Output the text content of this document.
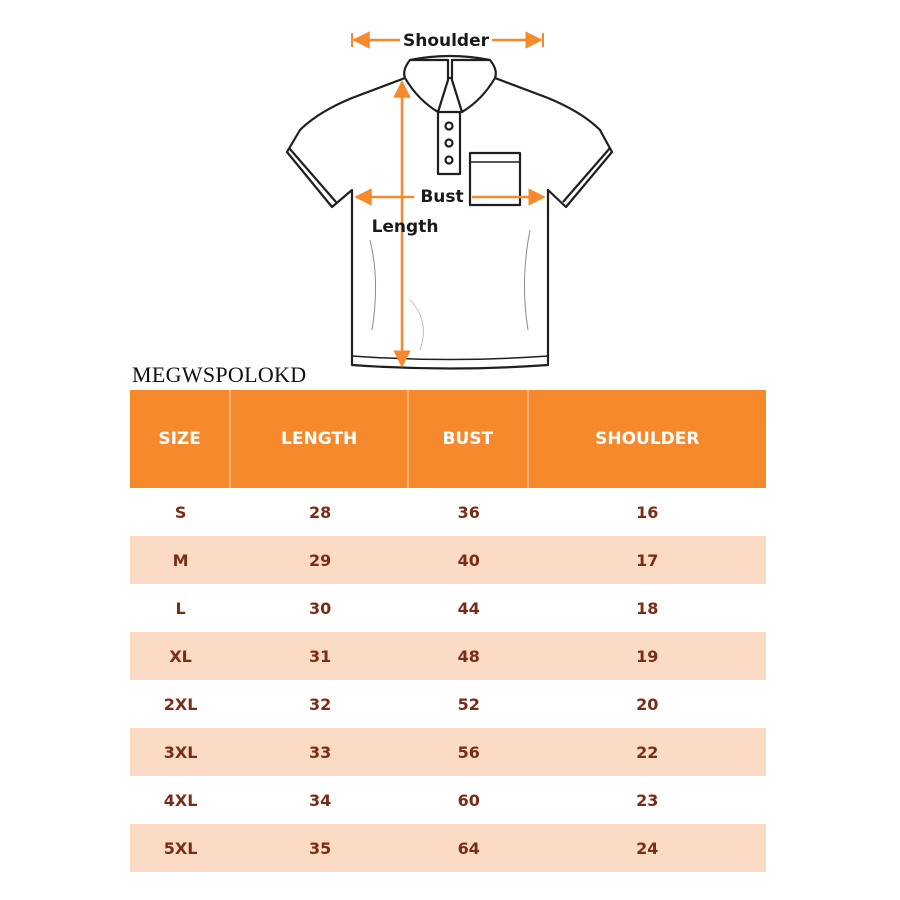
Shoulder
Bust
Length
MEGWSPOLOKD
SIZE	LENGTH	BUST	SHOULDER
S	28	36	16
M	29	40	17
L	30	44	18
XL	31	48	19
2XL	32	52	20
3XL	33	56	22
4XL	34	60	23
5XL	35	64	24
